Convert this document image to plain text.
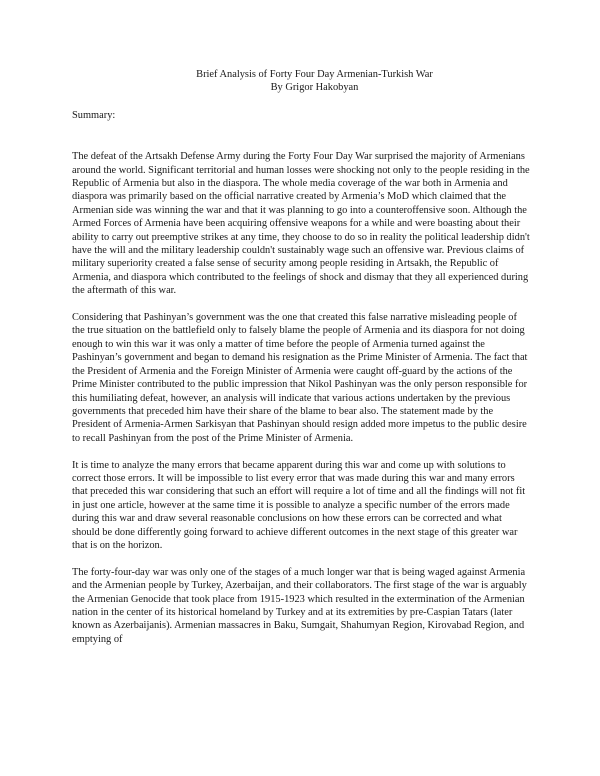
Brief Analysis of Forty Four Day Armenian-Turkish War
By Grigor Hakobyan
Summary:

The defeat of the Artsakh Defense Army during the Forty Four Day War surprised the majority of Armenians around the world. Significant territorial and human losses were shocking not only to the people residing in the Republic of Armenia but also in the diaspora. The whole media coverage of the war both in Armenia and diaspora was primarily based on the official narrative created by Armenia’s MoD which claimed that the Armenian side was winning the war and that it was planning to go into a counteroffensive soon. Although the Armed Forces of Armenia have been acquiring offensive weapons for a while and were boasting about their ability to carry out preemptive strikes at any time, they choose to do so in reality the political leadership didn't have the will and the military leadership couldn't sustainably wage such an offensive war. Previous claims of military superiority created a false sense of security among people residing in Artsakh, the Republic of Armenia, and diaspora which contributed to the feelings of shock and dismay that they all experienced during the aftermath of this war.

Considering that Pashinyan’s government was the one that created this false narrative misleading people of the true situation on the battlefield only to falsely blame the people of Armenia and its diaspora for not doing enough to win this war it was only a matter of time before the people of Armenia turned against the Pashinyan’s government and began to demand his resignation as the Prime Minister of Armenia. The fact that the President of Armenia and the Foreign Minister of Armenia were caught off-guard by the actions of the Prime Minister contributed to the public impression that Nikol Pashinyan was the only person responsible for this humiliating defeat, however, an analysis will indicate that various actions undertaken by the previous governments that preceded him have their share of the blame to bear also. The statement made by the President of Armenia-Armen Sarkisyan that Pashinyan should resign added more impetus to the public desire to recall Pashinyan from the post of the Prime Minister of Armenia.

It is time to analyze the many errors that became apparent during this war and come up with solutions to correct those errors. It will be impossible to list every error that was made during this war and many errors that preceded this war considering that such an effort will require a lot of time and all the findings will not fit in just one article, however at the same time it is possible to analyze a specific number of the errors made during this war and draw several reasonable conclusions on how these errors can be corrected and what should be done differently going forward to achieve different outcomes in the next stage of this greater war that is on the horizon.

The forty-four-day war was only one of the stages of a much longer war that is being waged against Armenia and the Armenian people by Turkey, Azerbaijan, and their collaborators. The first stage of the war is arguably the Armenian Genocide that took place from 1915-1923 which resulted in the extermination of the Armenian nation in the center of its historical homeland by Turkey and at its extremities by pre-Caspian Tatars (later known as Azerbaijanis). Armenian massacres in Baku, Sumgait, Shahumyan Region, Kirovabad Region, and emptying of
